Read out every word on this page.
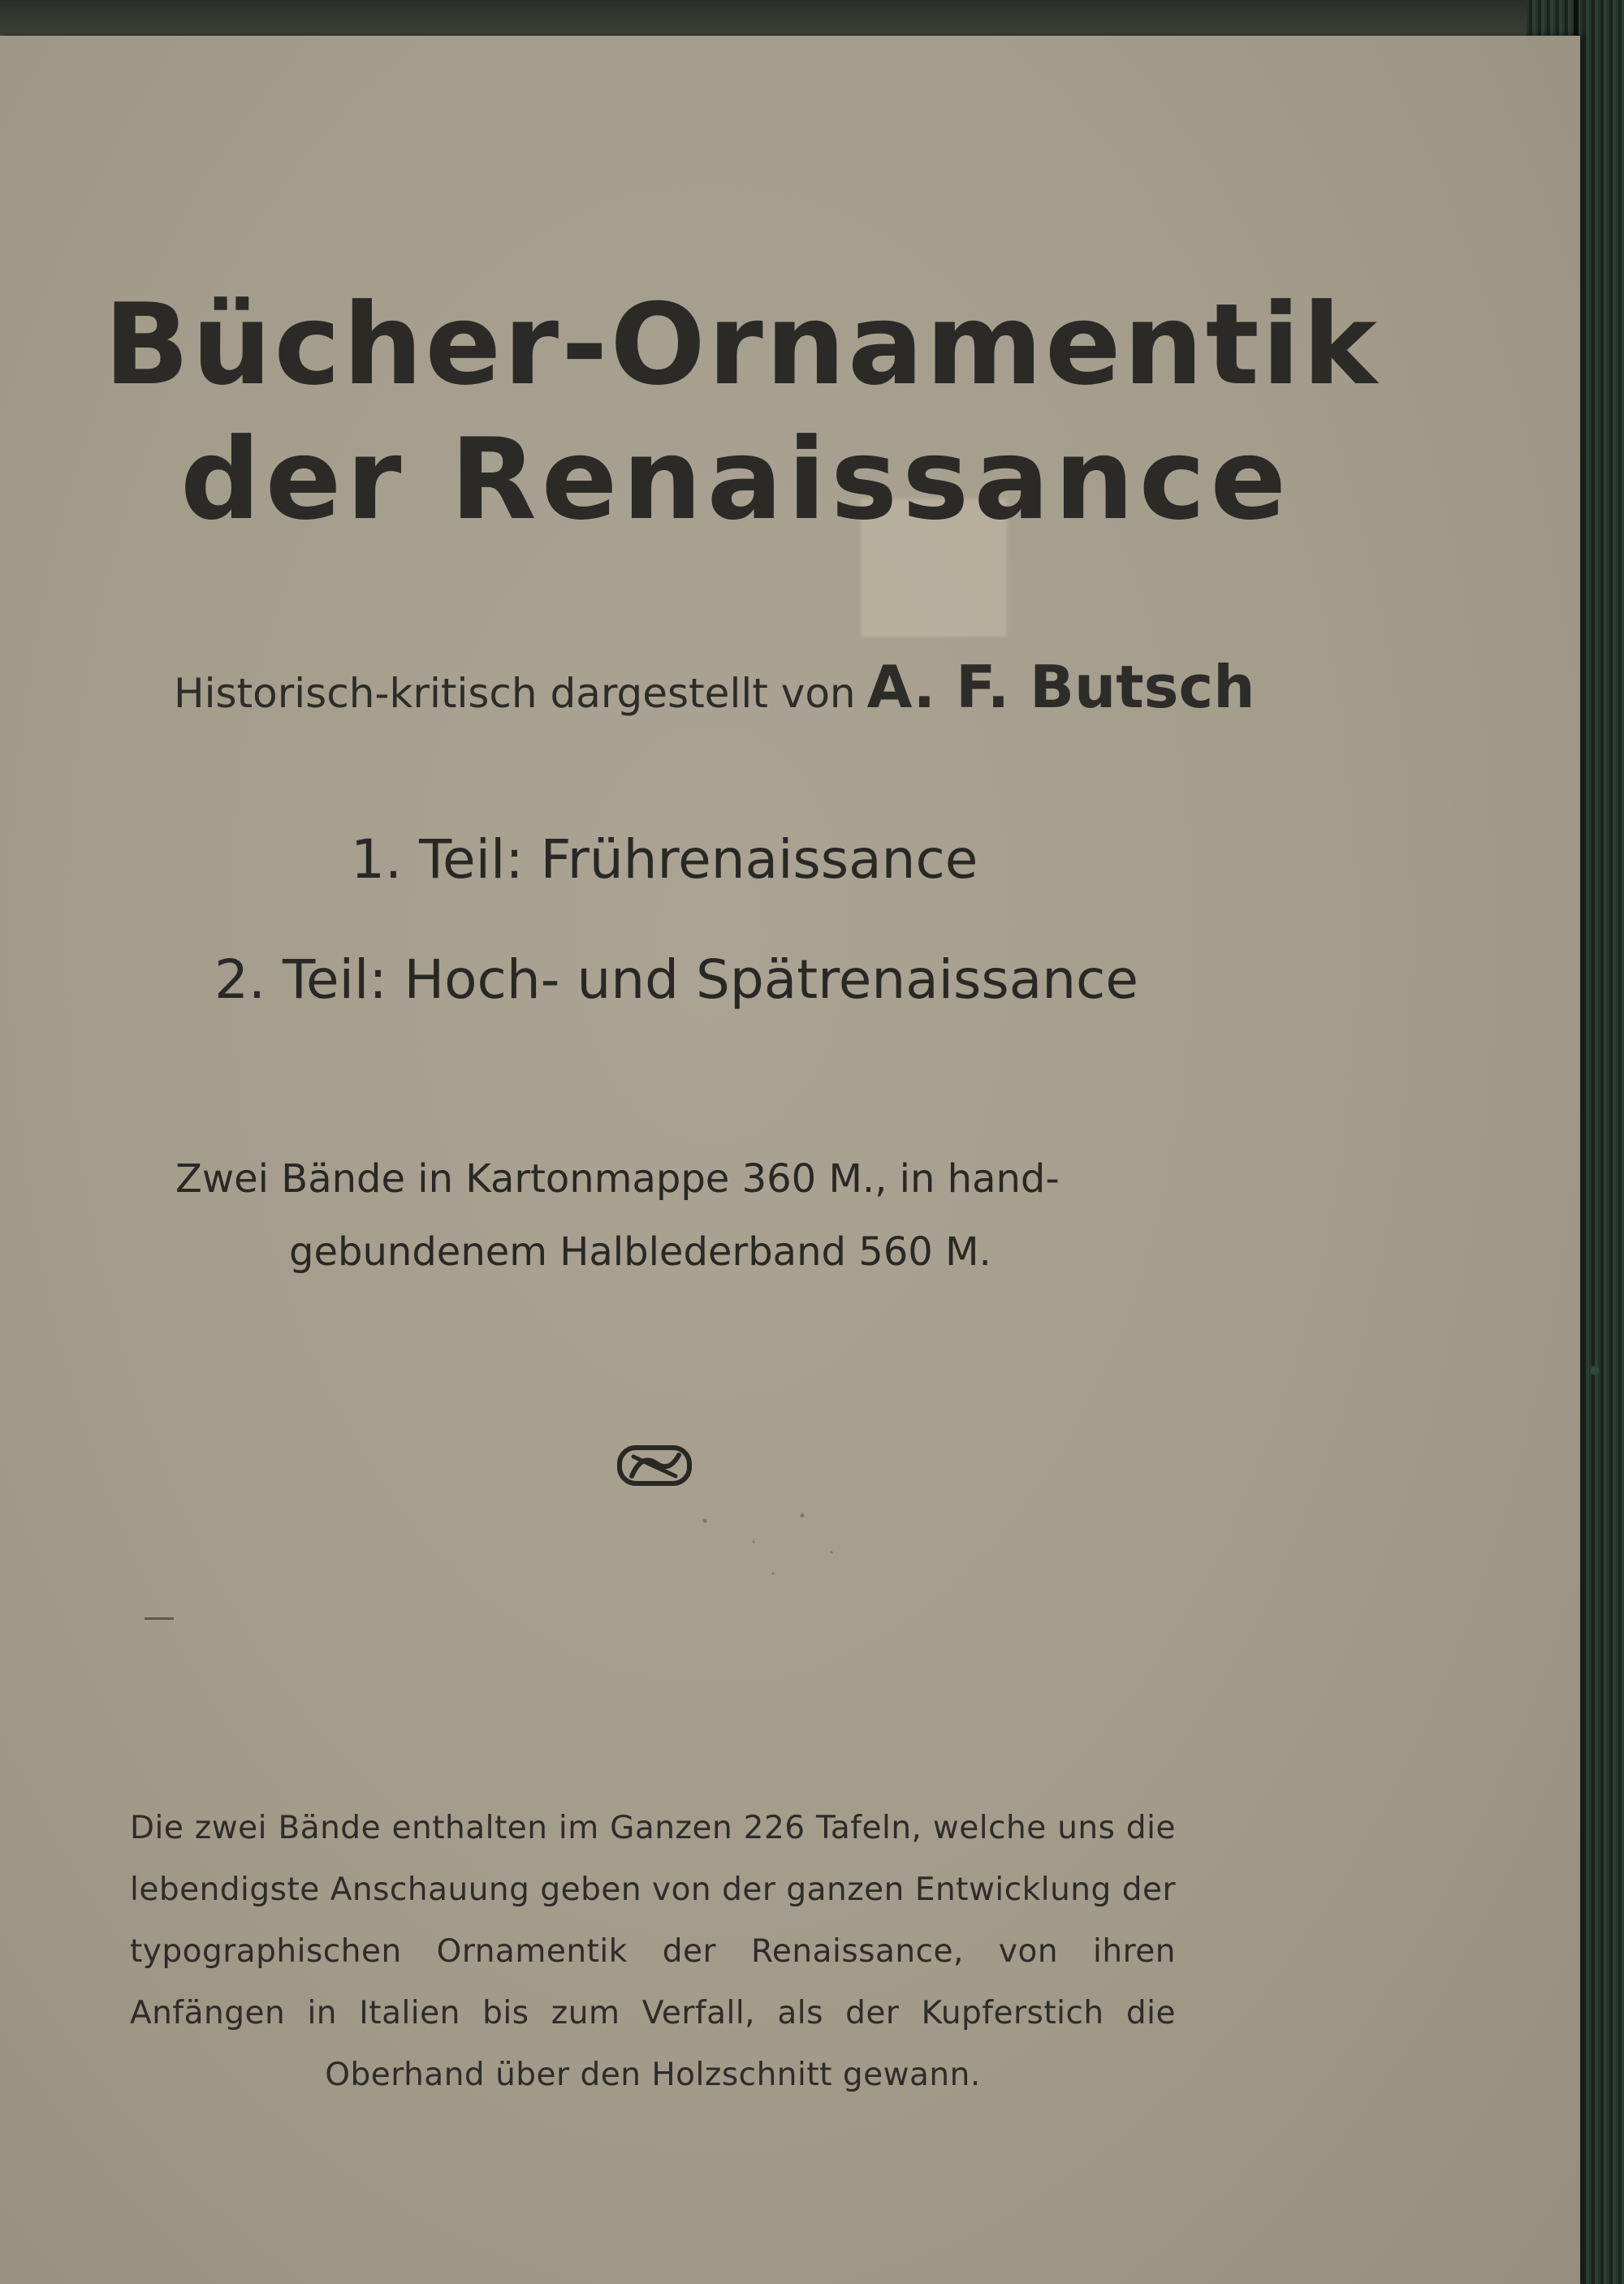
Bücher-Ornamentik
der Renaissance
Historisch-kritisch dargestellt von A. F. Butsch
1. Teil: Frührenaissance
2. Teil: Hoch- und Spätrenaissance
Zwei Bände in Kartonmappe 360 M., in hand-
gebundenem Halblederband 560 M.
Die zwei Bände enthalten im Ganzen 226 Tafeln, welche uns die lebendigste Anschauung geben von der ganzen Entwicklung der typographischen Ornamentik der Renaissance, von ihren Anfängen in Italien bis zum Verfall, als der Kupferstich die Oberhand über den Holzschnitt gewann.
